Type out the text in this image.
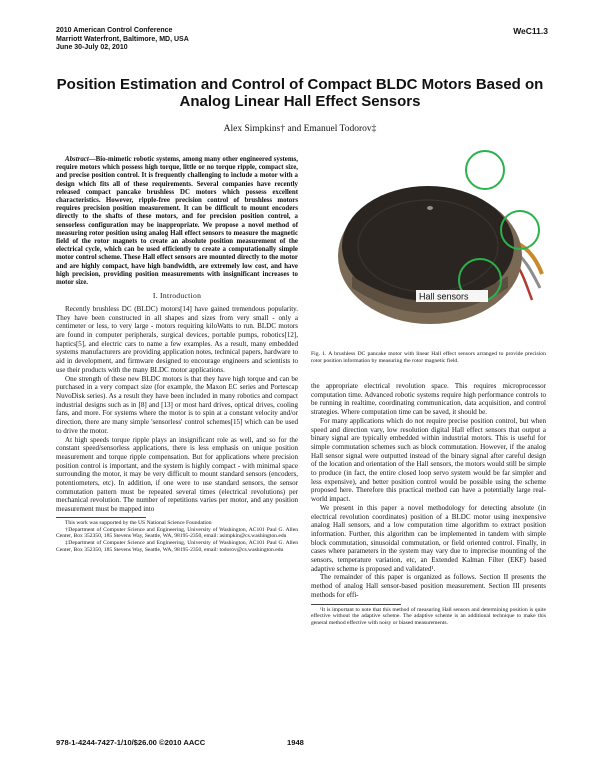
2010 American Control Conference
Marriott Waterfront, Baltimore, MD, USA
June 30-July 02, 2010
WeC11.3
Position Estimation and Control of Compact BLDC Motors Based on Analog Linear Hall Effect Sensors
Alex Simpkins† and Emanuel Todorov‡

Abstract—Bio-mimetic robotic systems, among many other engineered systems, require motors which possess high torque, little or no torque ripple, compact size, and precise position control. It is frequently challenging to include a motor with a design which fits all of these requirements. Several companies have recently released compact pancake brushless DC motors which possess excellent characteristics. However, ripple-free precision control of brushless motors requires precision position measurement. It can be difficult to mount encoders directly to the shafts of these motors, and for precision position control, a sensorless configuration may be inappropriate. We propose a novel method of measuring rotor position using analog Hall effect sensors to measure the magnetic field of the rotor magnets to create an absolute position measurement of the electrical cycle, which can be used efficiently to create a computationally simple motor control scheme. These Hall effect sensors are mounted directly to the motor and are highly compact, have high bandwidth, are extremely low cost, and have high precision, providing position measurements with insignificant increases to motor size.

I. Introduction

Recently brushless DC (BLDC) motors[14] have gained tremendous popularity. They have been constructed in all shapes and sizes from very small - only a centimeter or less, to very large - motors requiring kiloWatts to run. BLDC motors are found in computer peripherals, surgical devices, portable pumps, robotics[12], haptics[5], and electric cars to name a few examples. As a result, many embedded systems manufacturers are providing application notes, technical papers, hardware to aid in development, and firmware designed to encourage engineers and scientists to use their products with the many BLDC motor applications.

One strength of these new BLDC motors is that they have high torque and can be purchased in a very compact size (for example, the Maxon EC series and Portescap NuvoDisk series). As a result they have been included in many robotics and compact industrial designs such as in [8] and [13] or most hard drives, optical drives, cooling fans, and more. For systems where the motor is to spin at a constant velocity and/or direction, there are many simple 'sensorless' control schemes[15] which can be used to drive the motor.

At high speeds torque ripple plays an insignificant role as well, and so for the constant speed/sensorless applications, there is less emphasis on unique position measurement and torque ripple compensation. But for applications where precision position control is important, and the system is highly compact - with minimal space surrounding the motor, it may be very difficult to mount standard sensors (encoders, potentiometers, etc). In addition, if one were to use standard sensors, the sensor commutation pattern must be repeated several times (electrical revolutions) per mechanical revolution. The number of repetitions varies per motor, and any position measurement must be mapped into

This work was supported by the US National Science Foundation

†Department of Computer Science and Engineering, University of Washington, AC101 Paul G. Allen Center, Box 352350, 185 Stevens Way, Seattle, WA, 98195-2350, email: asimpkin@cs.washington.edu

‡Department of Computer Science and Engineering, University of Washington, AC101 Paul G. Allen Center, Box 352350, 185 Stevens Way, Seattle, WA, 98195-2350, email: todorov@cs.washington.edu

Hall sensors
Fig. 1. A brushless DC pancake motor with linear Hall effect sensors arranged to provide precision rotor position information by measuring the rotor magnetic field.

the appropriate electrical revolution space. This requires microprocessor computation time. Advanced robotic systems require high performance controls to be running in realtime, coordinating communication, data acquisition, and control strategies. Where computation time can be saved, it should be.

For many applications which do not require precise position control, but when speed and direction vary, low resolution digital Hall effect sensors that output a binary signal are typically embedded within industrial motors. This is useful for simple commutation schemes such as block commutation. However, if the analog Hall sensor signal were outputted instead of the binary signal after careful design of the location and orientation of the Hall sensors, the motors would still be simple to produce (in fact, the entire closed loop servo system would be far simpler and less expensive), and better position control would be possible using the scheme proposed here. Therefore this practical method can have a potentially large real-world impact.

We present in this paper a novel methodology for detecting absolute (in electrical revolution coordinates) position of a BLDC motor using inexpensive analog Hall sensors, and a low computation time algorithm to extract position information. Further, this algorithm can be implemented in tandem with simple block commutation, sinusoidal commutation, or field oriented control. Finally, in cases where parameters in the system may vary due to imprecise mounting of the sensors, temperature variation, etc, an Extended Kalman Filter (EKF) based adaptive scheme is proposed and validated¹.

The remainder of this paper is organized as follows. Section II presents the method of analog Hall sensor-based position measurement. Section III presents methods for effi-

¹It is important to note that this method of measuring Hall sensors and determining position is quite effective without the adaptive scheme. The adaptive scheme is an additional technique to make this general method effective with noisy or biased measurements.

978-1-4244-7427-1/10/$26.00 ©2010 AACC	1948
